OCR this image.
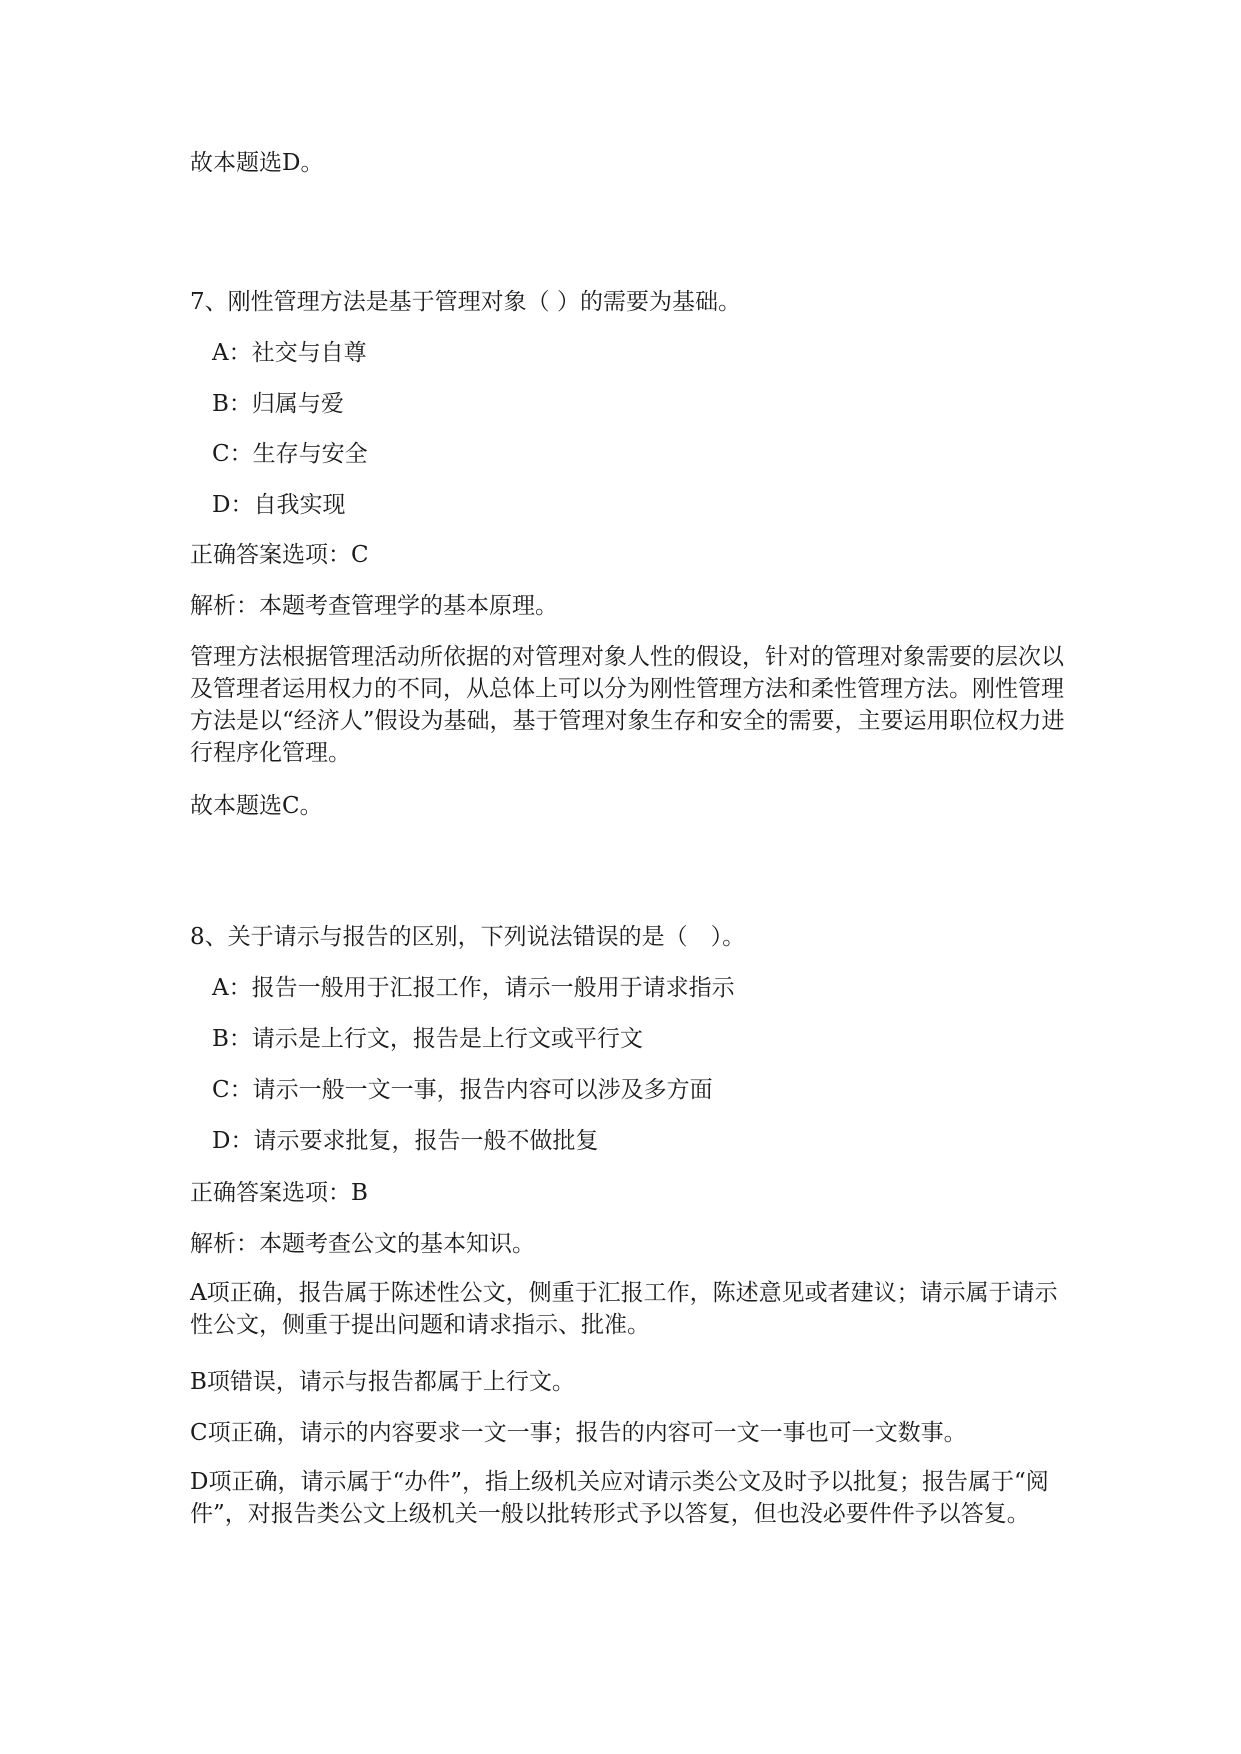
故本题选D。
7、刚性管理方法是基于管理对象（ ）的需要为基础。
A：社交与自尊
B：归属与爱
C：生存与安全
D：自我实现
正确答案选项：C
解析：本题考查管理学的基本原理。
管理方法根据管理活动所依据的对管理对象人性的假设，针对的管理对象需要的层次以及管理者运用权力的不同，从总体上可以分为刚性管理方法和柔性管理方法。刚性管理方法是以“经济人”假设为基础，基于管理对象生存和安全的需要，主要运用职位权力进行程序化管理。
故本题选C。
8、关于请示与报告的区别，下列说法错误的是（　）。
A：报告一般用于汇报工作，请示一般用于请求指示
B：请示是上行文，报告是上行文或平行文
C：请示一般一文一事，报告内容可以涉及多方面
D：请示要求批复，报告一般不做批复
正确答案选项：B
解析：本题考查公文的基本知识。
A项正确，报告属于陈述性公文，侧重于汇报工作，陈述意见或者建议；请示属于请示性公文，侧重于提出问题和请求指示、批准。
B项错误，请示与报告都属于上行文。
C项正确，请示的内容要求一文一事；报告的内容可一文一事也可一文数事。
D项正确，请示属于“办件”，指上级机关应对请示类公文及时予以批复；报告属于“阅件”，对报告类公文上级机关一般以批转形式予以答复，但也没必要件件予以答复。
